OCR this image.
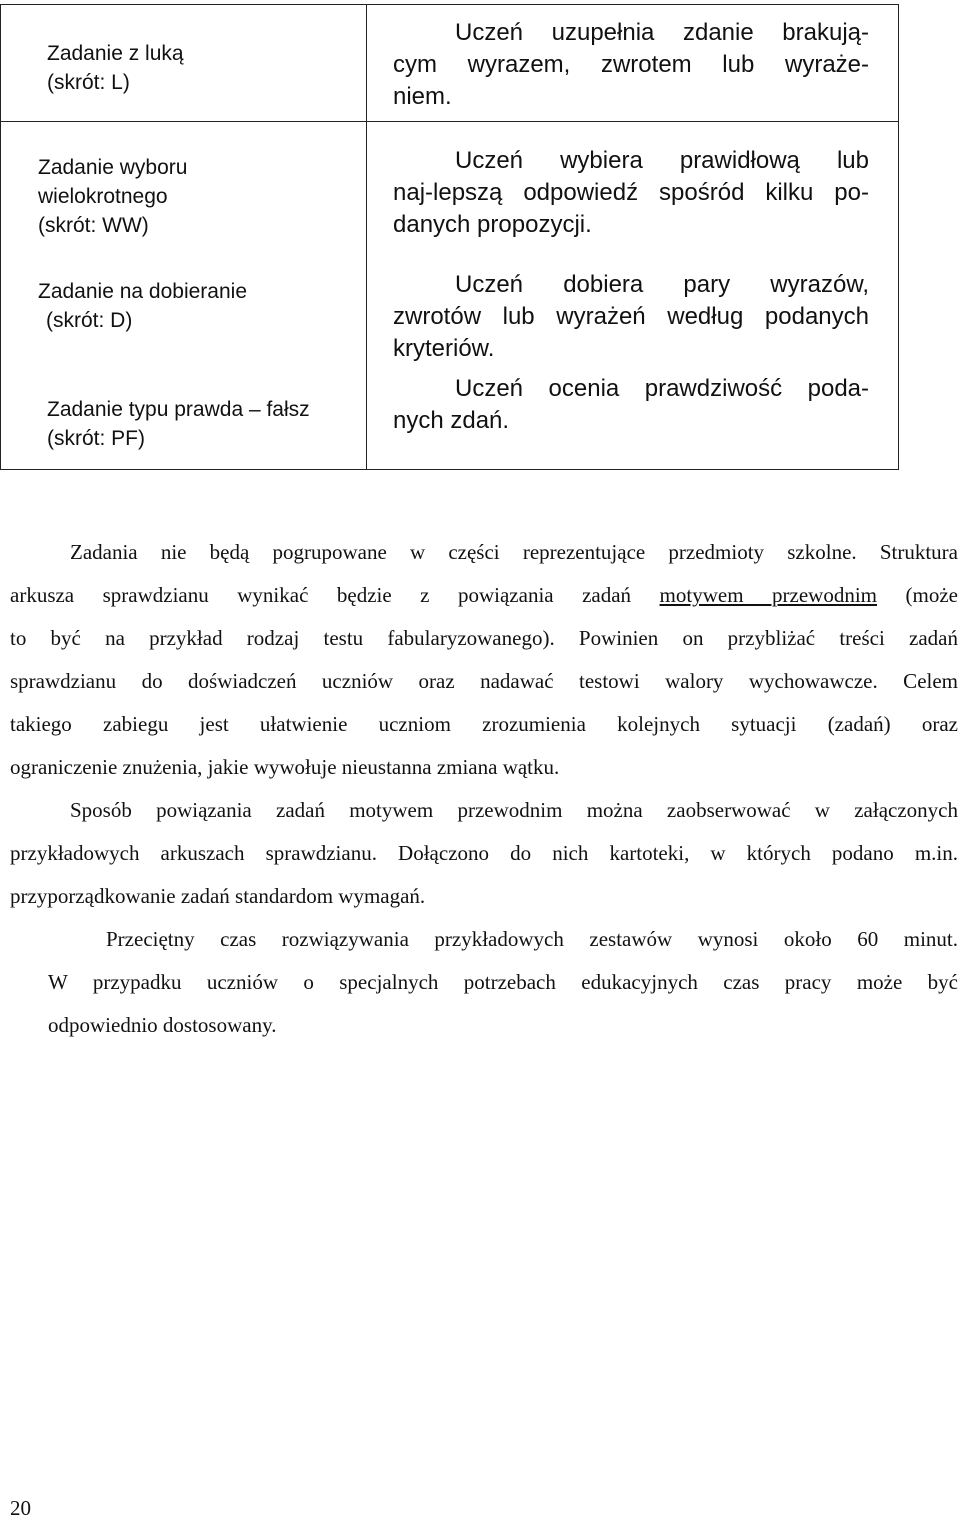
Zadanie z luką
(skrót: L)
Uczeń uzupełnia zdanie brakują-
cym wyrazem, zwrotem lub wyraże-
niem.
Zadanie wyboru
wielokrotnego
(skrót: WW)
Uczeń wybiera prawidłową lub
naj-lepszą odpowiedź spośród kilku po-
danych propozycji.
Zadanie na dobieranie
(skrót: D)
Uczeń dobiera pary wyrazów,
zwrotów lub wyrażeń według podanych
kryteriów.
Zadanie typu prawda – fałsz
(skrót: PF)
Uczeń ocenia prawdziwość poda-
nych zdań.
Zadania nie będą pogrupowane w części reprezentujące przedmioty szkolne. Struktura
arkusza sprawdzianu wynikać będzie z powiązania zadań motywem przewodnim (może
to być na przykład rodzaj testu fabularyzowanego). Powinien on przybliżać treści zadań
sprawdzianu do doświadczeń uczniów oraz nadawać testowi walory wychowawcze. Celem
takiego zabiegu jest ułatwienie uczniom zrozumienia kolejnych sytuacji (zadań) oraz
ograniczenie znużenia, jakie wywołuje nieustanna zmiana wątku.
Sposób powiązania zadań motywem przewodnim można zaobserwować w załączonych
przykładowych arkuszach sprawdzianu. Dołączono do nich kartoteki, w których podano m.in.
przyporządkowanie zadań standardom wymagań.
Przeciętny czas rozwiązywania przykładowych zestawów wynosi około 60 minut.
W przypadku uczniów o specjalnych potrzebach edukacyjnych czas pracy może być
odpowiednio dostosowany.
20
